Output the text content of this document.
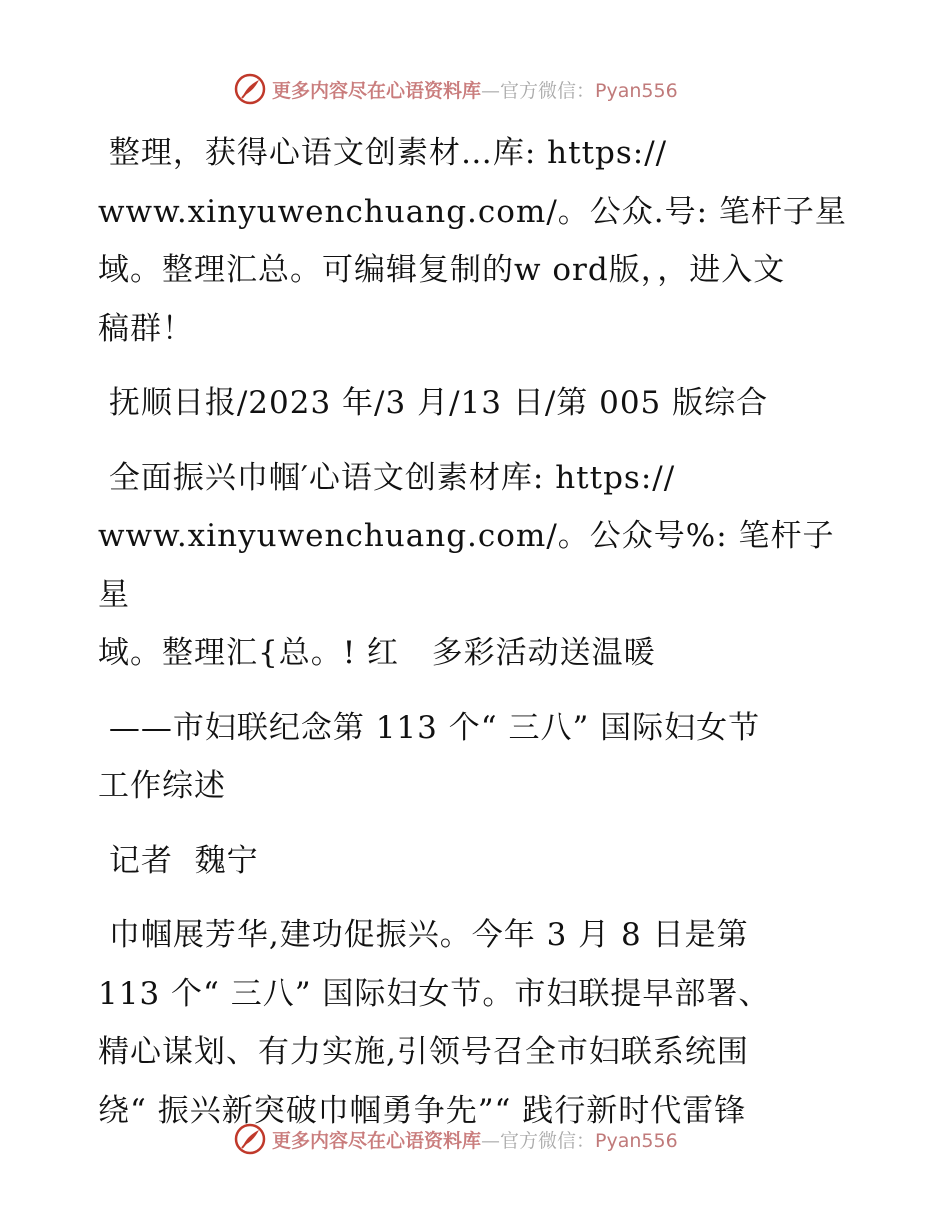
更多内容尽在心语资料库—官方微信：Pyan556

整理，获得心语文创素材…库: https://
www.xinyuwenchuang.com/。公众.号: 笔杆子星
域。整理汇总。可编辑复制的w ord版，，进入文
稿群！

抚顺日报/2023 年/3 月/13 日/第 005 版综合

全面振兴巾帼′心语文创素材库: https://
www.xinyuwenchuang.com/。公众号%: 笔杆子星
域。整理汇{总。! 红   多彩活动送温暖

——市妇联纪念第 113 个“ 三八” 国际妇女节
工作综述

记者  魏宁

巾帼展芳华,建功促振兴。今年 3 月 8 日是第
113 个“ 三八” 国际妇女节。市妇联提早部署、
精心谋划、有力实施,引领号召全市妇联系统围
绕“ 振兴新突破巾帼勇争先”“ 践行新时代雷锋

更多内容尽在心语资料库—官方微信：Pyan556
